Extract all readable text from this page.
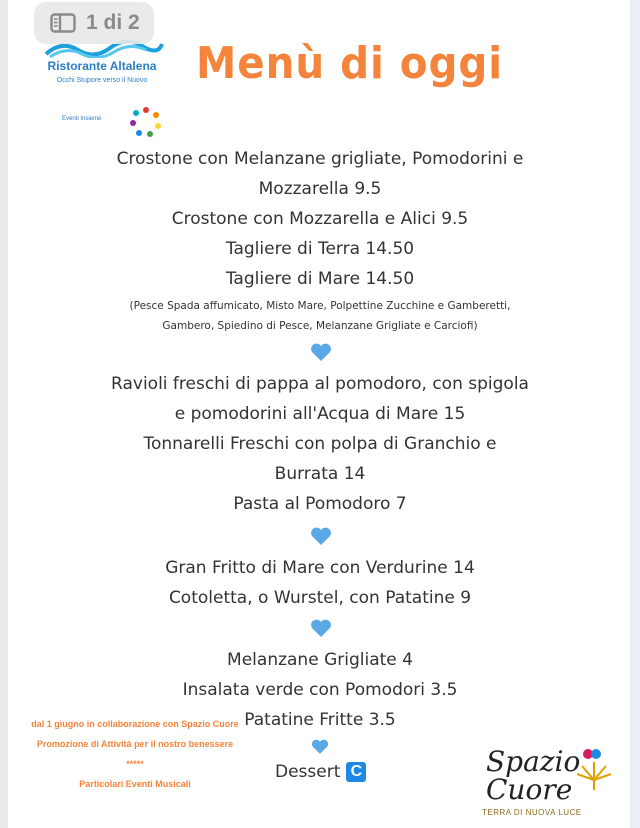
Ristorante Altalena
Occhi Stupore verso il Nuovo
Eventi Insieme
Menù di oggi
Crostone con Melanzane grigliate, Pomodorini e
Mozzarella 9.5
Crostone con Mozzarella e Alici 9.5
Tagliere di Terra 14.50
Tagliere di Mare 14.50
(Pesce Spada affumicato, Misto Mare, Polpettine Zucchine e Gamberetti,
Gambero, Spiedino di Pesce, Melanzane Grigliate e Carciofi)
Ravioli freschi di pappa al pomodoro, con spigola
e pomodorini all'Acqua di Mare 15
Tonnarelli Freschi con polpa di Granchio e
Burrata 14
Pasta al Pomodoro 7
Gran Fritto di Mare con Verdurine 14
Cotoletta, o Wurstel, con Patatine 9
Melanzane Grigliate 4
Insalata verde con Pomodori 3.5
Patatine Fritte 3.5
Dessert C
dal 1 giugno in collaborazione con Spazio Cuore
Promozione di Attività per il nostro benessere
*****
Particolari Eventi Musicali
Spazio Cuore
TERRA DI NUOVA LUCE
1 di 2
